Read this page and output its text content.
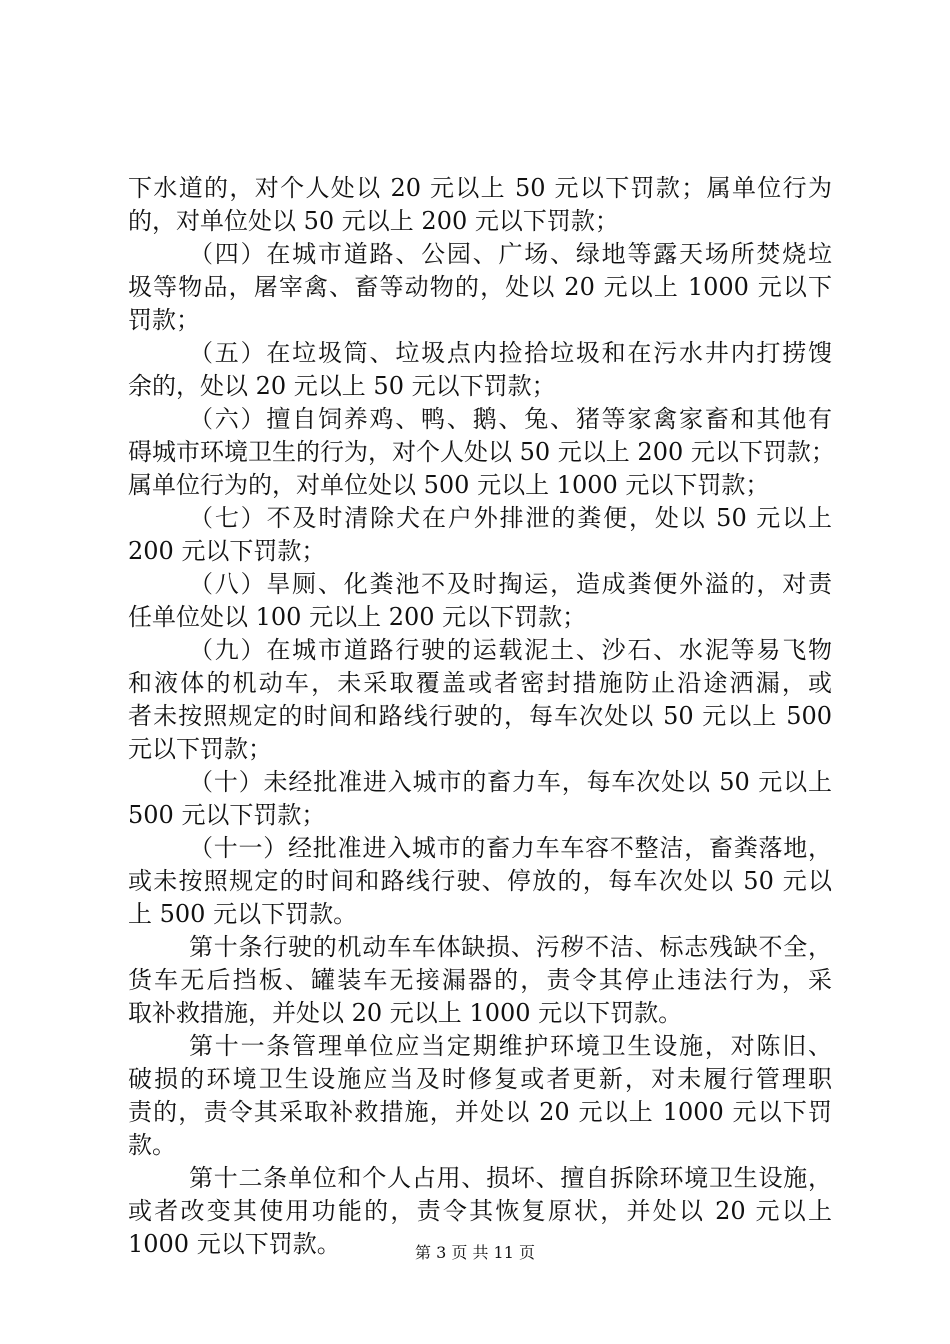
下水道的，对个人处以 20 元以上 50 元以下罚款；属单位行为

的，对单位处以 50 元以上 200 元以下罚款；

（四）在城市道路、公园、广场、绿地等露天场所焚烧垃

圾等物品，屠宰禽、畜等动物的，处以 20 元以上 1000 元以下

罚款；

（五）在垃圾筒、垃圾点内捡拾垃圾和在污水井内打捞馊

余的，处以 20 元以上 50 元以下罚款；

（六）擅自饲养鸡、鸭、鹅、兔、猪等家禽家畜和其他有

碍城市环境卫生的行为，对个人处以 50 元以上 200 元以下罚款；

属单位行为的，对单位处以 500 元以上 1000 元以下罚款；

（七）不及时清除犬在户外排泄的粪便，处以 50 元以上

200 元以下罚款；

（八）旱厕、化粪池不及时掏运，造成粪便外溢的，对责

任单位处以 100 元以上 200 元以下罚款；

（九）在城市道路行驶的运载泥土、沙石、水泥等易飞物

和液体的机动车，未采取覆盖或者密封措施防止沿途洒漏，或

者未按照规定的时间和路线行驶的，每车次处以 50 元以上 500

元以下罚款；

（十）未经批准进入城市的畜力车，每车次处以 50 元以上

500 元以下罚款；

（十一）经批准进入城市的畜力车车容不整洁，畜粪落地，

或未按照规定的时间和路线行驶、停放的，每车次处以 50 元以

上 500 元以下罚款。

第十条行驶的机动车车体缺损、污秽不洁、标志残缺不全，

货车无后挡板、罐装车无接漏器的，责令其停止违法行为，采

取补救措施，并处以 20 元以上 1000 元以下罚款。

第十一条管理单位应当定期维护环境卫生设施，对陈旧、

破损的环境卫生设施应当及时修复或者更新，对未履行管理职

责的，责令其采取补救措施，并处以 20 元以上 1000 元以下罚

款。

第十二条单位和个人占用、损坏、擅自拆除环境卫生设施，

或者改变其使用功能的，责令其恢复原状，并处以 20 元以上

1000 元以下罚款。	第 3 页 共 11 页
